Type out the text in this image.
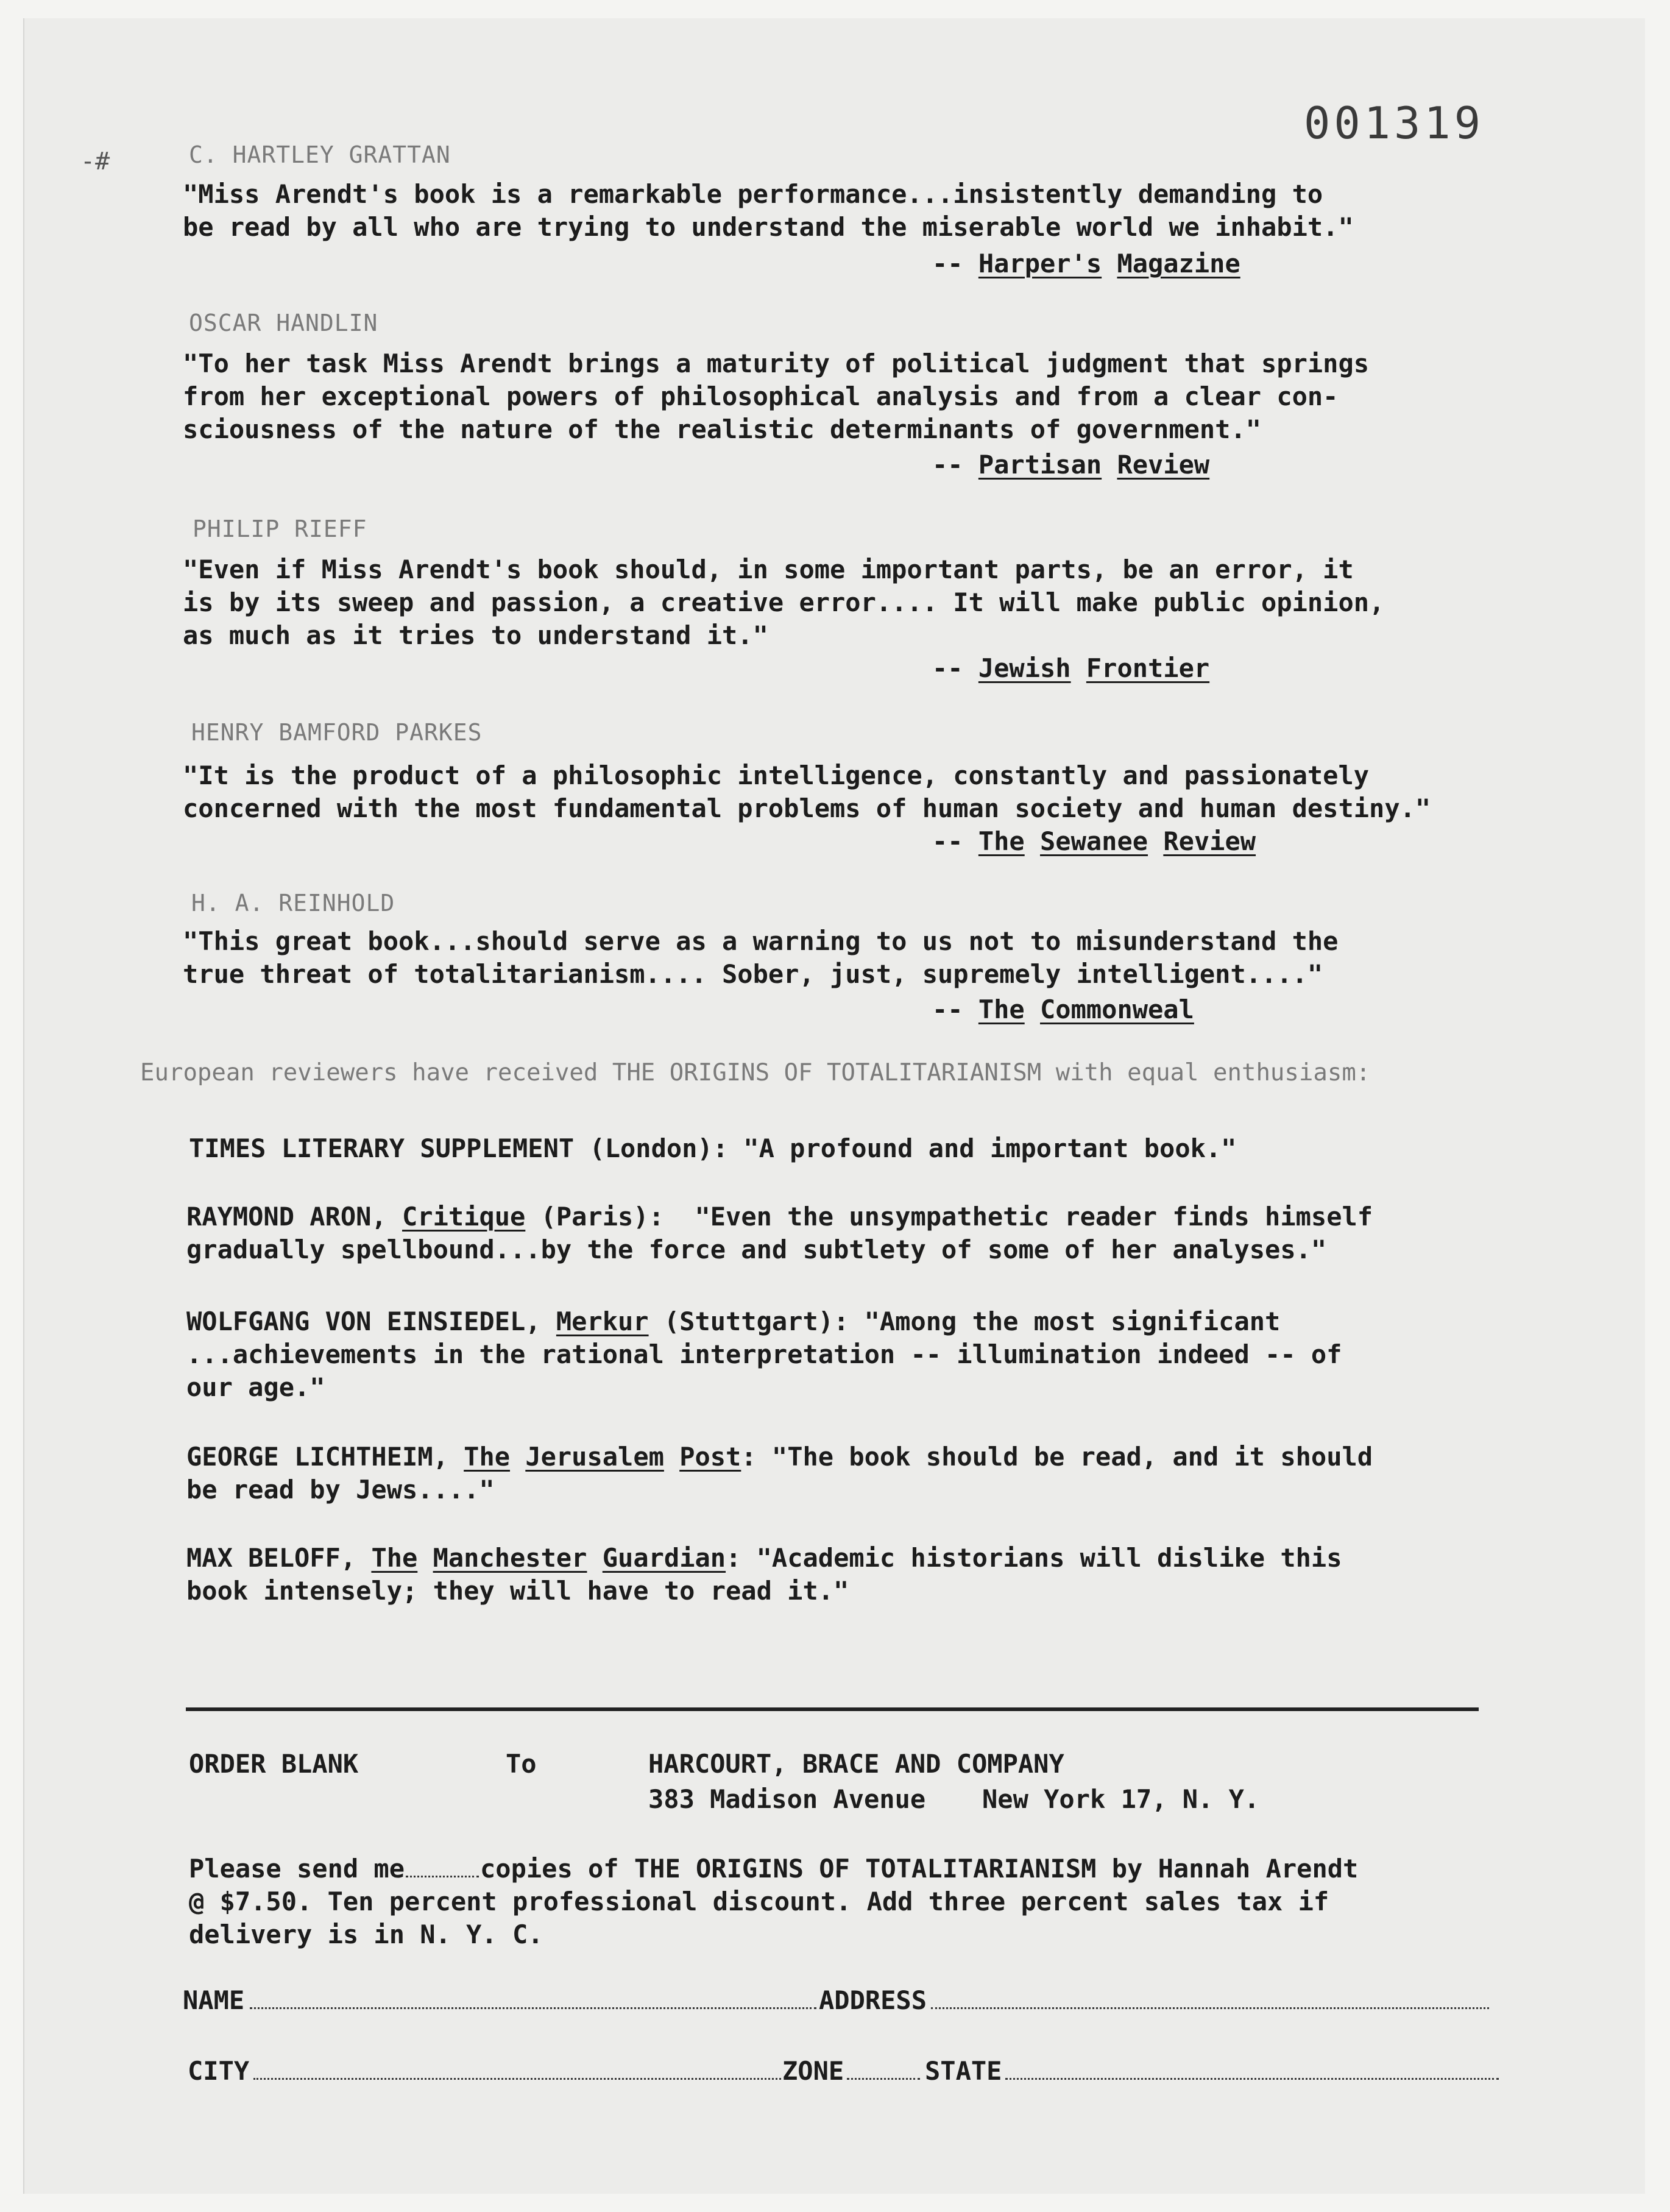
-#
001319
C. HARTLEY GRATTAN
"Miss Arendt's book is a remarkable performance...insistently demanding to
be read by all who are trying to understand the miserable world we inhabit."
-- Harper's Magazine
OSCAR HANDLIN
"To her task Miss Arendt brings a maturity of political judgment that springs
from her exceptional powers of philosophical analysis and from a clear con-
sciousness of the nature of the realistic determinants of government."
-- Partisan Review
PHILIP RIEFF
"Even if Miss Arendt's book should, in some important parts, be an error, it
is by its sweep and passion, a creative error.... It will make public opinion,
as much as it tries to understand it."
-- Jewish Frontier
HENRY BAMFORD PARKES
"It is the product of a philosophic intelligence, constantly and passionately
concerned with the most fundamental problems of human society and human destiny."
-- The Sewanee Review
H. A. REINHOLD
"This great book...should serve as a warning to us not to misunderstand the
true threat of totalitarianism.... Sober, just, supremely intelligent...."
-- The Commonweal
European reviewers have received THE ORIGINS OF TOTALITARIANISM with equal enthusiasm:
TIMES LITERARY SUPPLEMENT (London): "A profound and important book."
RAYMOND ARON, Critique (Paris):  "Even the unsympathetic reader finds himself
gradually spellbound...by the force and subtlety of some of her analyses."
WOLFGANG VON EINSIEDEL, Merkur (Stuttgart): "Among the most significant
...achievements in the rational interpretation -- illumination indeed -- of
our age."
GEORGE LICHTHEIM, The Jerusalem Post: "The book should be read, and it should
be read by Jews...."
MAX BELOFF, The Manchester Guardian: "Academic historians will dislike this
book intensely; they will have to read it."
ORDER BLANK	To	HARCOURT, BRACE AND COMPANY
383 Madison Avenue New York 17, N. Y.
Please send me	copies of THE ORIGINS OF TOTALITARIANISM by Hannah Arendt
@ $7.50. Ten percent professional discount. Add three percent sales tax if
delivery is in N. Y. C.
NAME	ADDRESS
CITY	ZONE	STATE
